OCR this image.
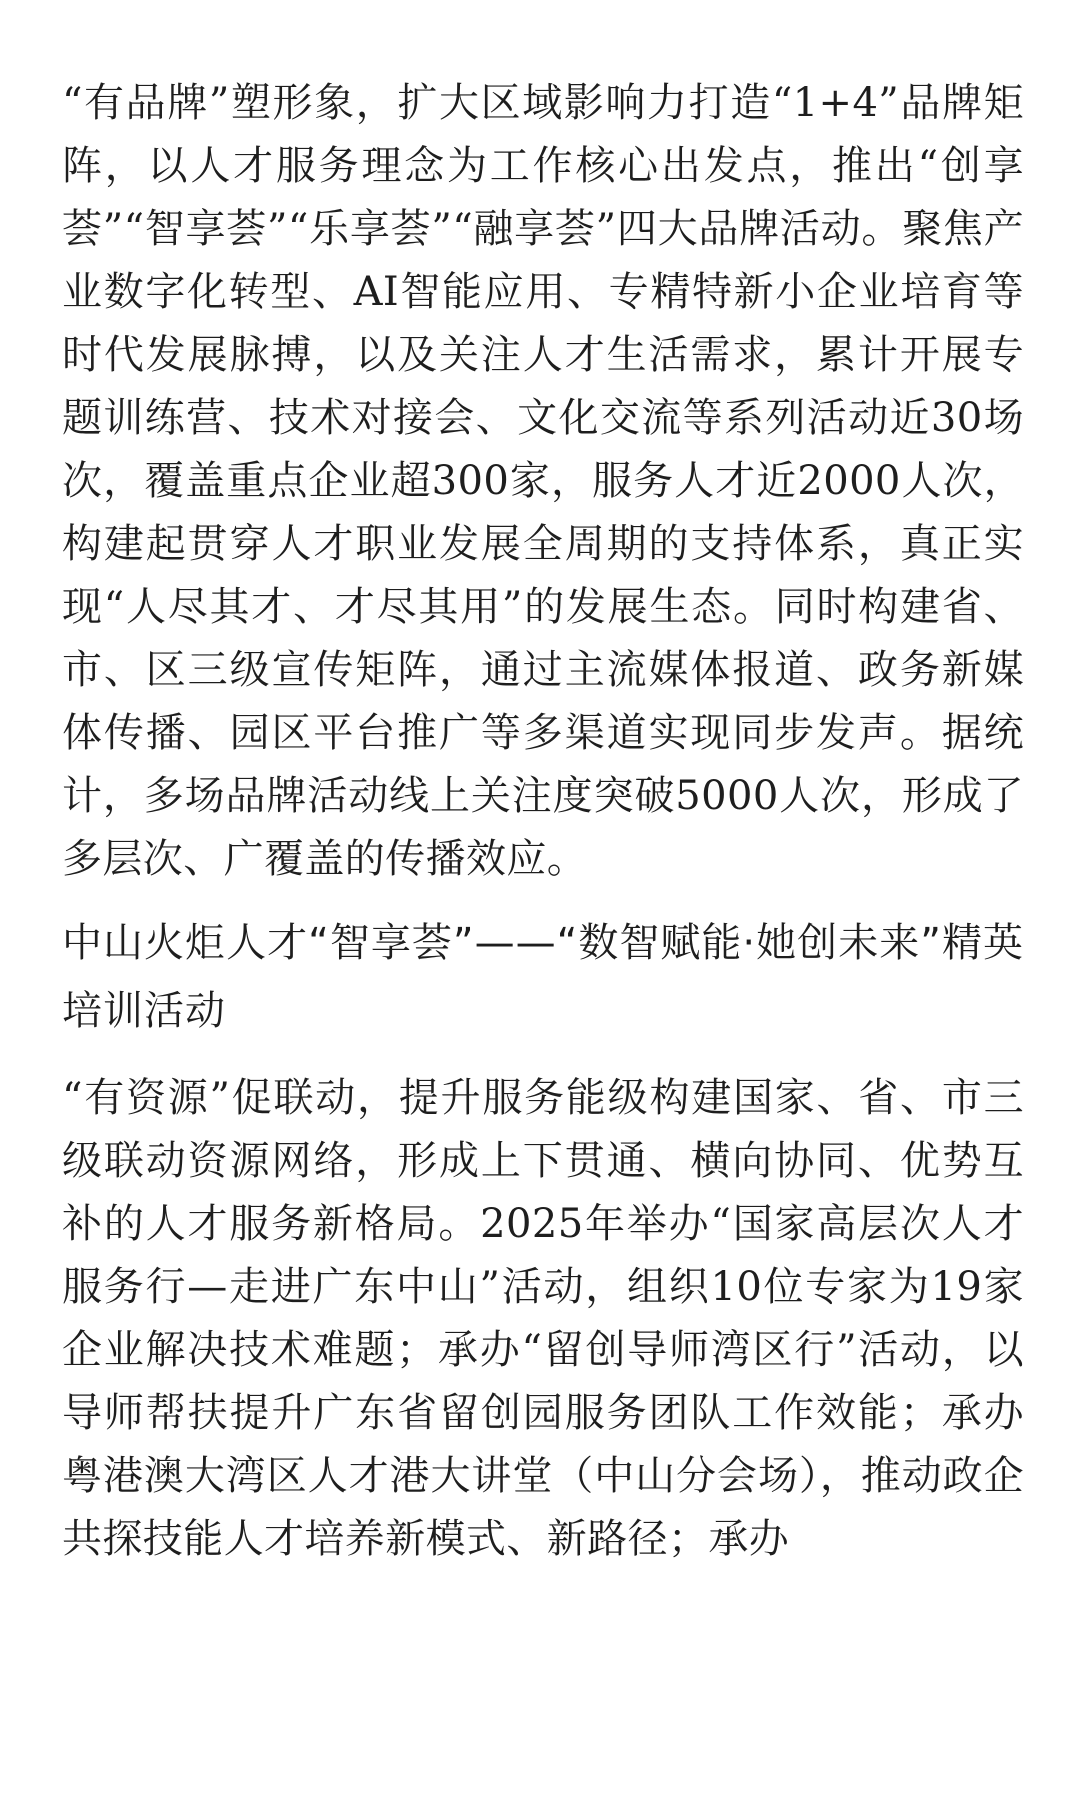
“有品牌”塑形象，扩大区域影响力打造“1+4”品牌矩阵，以人才服务理念为工作核心出发点，推出“创享荟”“智享荟”“乐享荟”“融享荟”四大品牌活动。聚焦产业数字化转型、AI智能应用、专精特新小企业培育等时代发展脉搏，以及关注人才生活需求，累计开展专题训练营、技术对接会、文化交流等系列活动近30场次，覆盖重点企业超300家，服务人才近2000人次，构建起贯穿人才职业发展全周期的支持体系，真正实现“人尽其才、才尽其用”的发展生态。同时构建省、市、区三级宣传矩阵，通过主流媒体报道、政务新媒体传播、园区平台推广等多渠道实现同步发声。据统计，多场品牌活动线上关注度突破5000人次，形成了多层次、广覆盖的传播效应。

中山火炬人才“智享荟”——“数智赋能·她创未来”精英培训活动

“有资源”促联动，提升服务能级构建国家、省、市三级联动资源网络，形成上下贯通、横向协同、优势互补的人才服务新格局。2025年举办“国家高层次人才服务行—走进广东中山”活动，组织10位专家为19家企业解决技术难题；承办“留创导师湾区行”活动，以导师帮扶提升广东省留创园服务团队工作效能；承办粤港澳大湾区人才港大讲堂（中山分会场），推动政企共探技能人才培养新模式、新路径；承办
